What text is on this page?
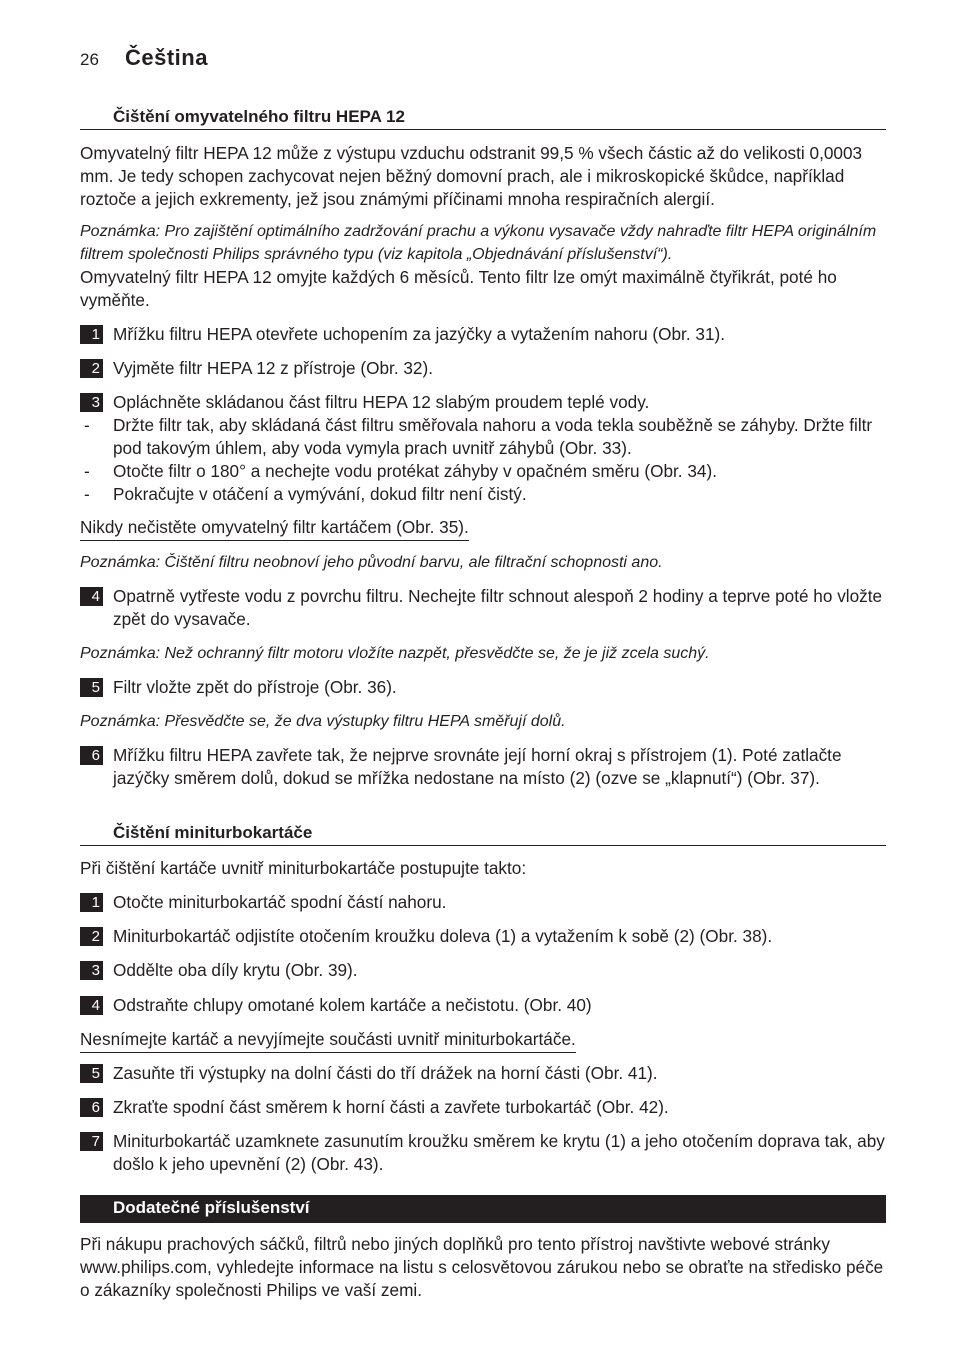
26 Čeština
Čištění omyvatelného filtru HEPA 12
Omyvatelný filtr HEPA 12 může z výstupu vzduchu odstranit 99,5 % všech částic až do velikosti 0,0003 mm. Je tedy schopen zachycovat nejen běžný domovní prach, ale i mikroskopické škůdce, například roztoče a jejich exkrementy, jež jsou známými příčinami mnoha respiračních alergií.
Poznámka: Pro zajištění optimálního zadržování prachu a výkonu vysavače vždy nahraďte filtr HEPA originálním filtrem společnosti Philips správného typu (viz kapitola „Objednávání příslušenství“).
Omyvatelný filtr HEPA 12 omyjte každých 6 měsíců. Tento filtr lze omýt maximálně čtyřikrát, poté ho vyměňte.
1 Mřížku filtru HEPA otevřete uchopením za jazýčky a vytažením nahoru (Obr. 31).
2 Vyjměte filtr HEPA 12 z přístroje (Obr. 32).
3 Opláchněte skládanou část filtru HEPA 12 slabým proudem teplé vody.
- Držte filtr tak, aby skládaná část filtru směřovala nahoru a voda tekla souběžně se záhyby. Držte filtr pod takovým úhlem, aby voda vymyla prach uvnitř záhybů (Obr. 33).
- Otočte filtr o 180° a nechejte vodu protékat záhyby v opačném směru (Obr. 34).
- Pokračujte v otáčení a vymývání, dokud filtr není čistý.
Nikdy nečistěte omyvatelný filtr kartáčem (Obr. 35).
Poznámka: Čištění filtru neobnoví jeho původní barvu, ale filtrační schopnosti ano.
4 Opatrně vytřeste vodu z povrchu filtru. Nechejte filtr schnout alespoň 2 hodiny a teprve poté ho vložte zpět do vysavače.
Poznámka: Než ochranný filtr motoru vložíte nazpět, přesvědčte se, že je již zcela suchý.
5 Filtr vložte zpět do přístroje (Obr. 36).
Poznámka: Přesvědčte se, že dva výstupky filtru HEPA směřují dolů.
6 Mřížku filtru HEPA zavřete tak, že nejprve srovnáte její horní okraj s přístrojem (1). Poté zatlačte jazýčky směrem dolů, dokud se mřížka nedostane na místo (2) (ozve se „klapnutí“) (Obr. 37).
Čištění miniturbokartáče
Při čištění kartáče uvnitř miniturbokartáče postupujte takto:
1 Otočte miniturbokartáč spodní částí nahoru.
2 Miniturbokartáč odjistíte otočením kroužku doleva (1) a vytažením k sobě (2) (Obr. 38).
3 Oddělte oba díly krytu (Obr. 39).
4 Odstraňte chlupy omotané kolem kartáče a nečistotu. (Obr. 40)
Nesnímejte kartáč a nevyjímejte součásti uvnitř miniturbokartáče.
5 Zasuňte tři výstupky na dolní části do tří drážek na horní části (Obr. 41).
6 Zkraťte spodní část směrem k horní části a zavřete turbokartáč (Obr. 42).
7 Miniturbokartáč uzamknete zasunutím kroužku směrem ke krytu (1) a jeho otočením doprava tak, aby došlo k jeho upevnění (2) (Obr. 43).
Dodatečné příslušenství
Při nákupu prachových sáčků, filtrů nebo jiných doplňků pro tento přístroj navštivte webové stránky www.philips.com, vyhledejte informace na listu s celosvětovou zárukou nebo se obraťte na středisko péče o zákazníky společnosti Philips ve vaší zemi.
